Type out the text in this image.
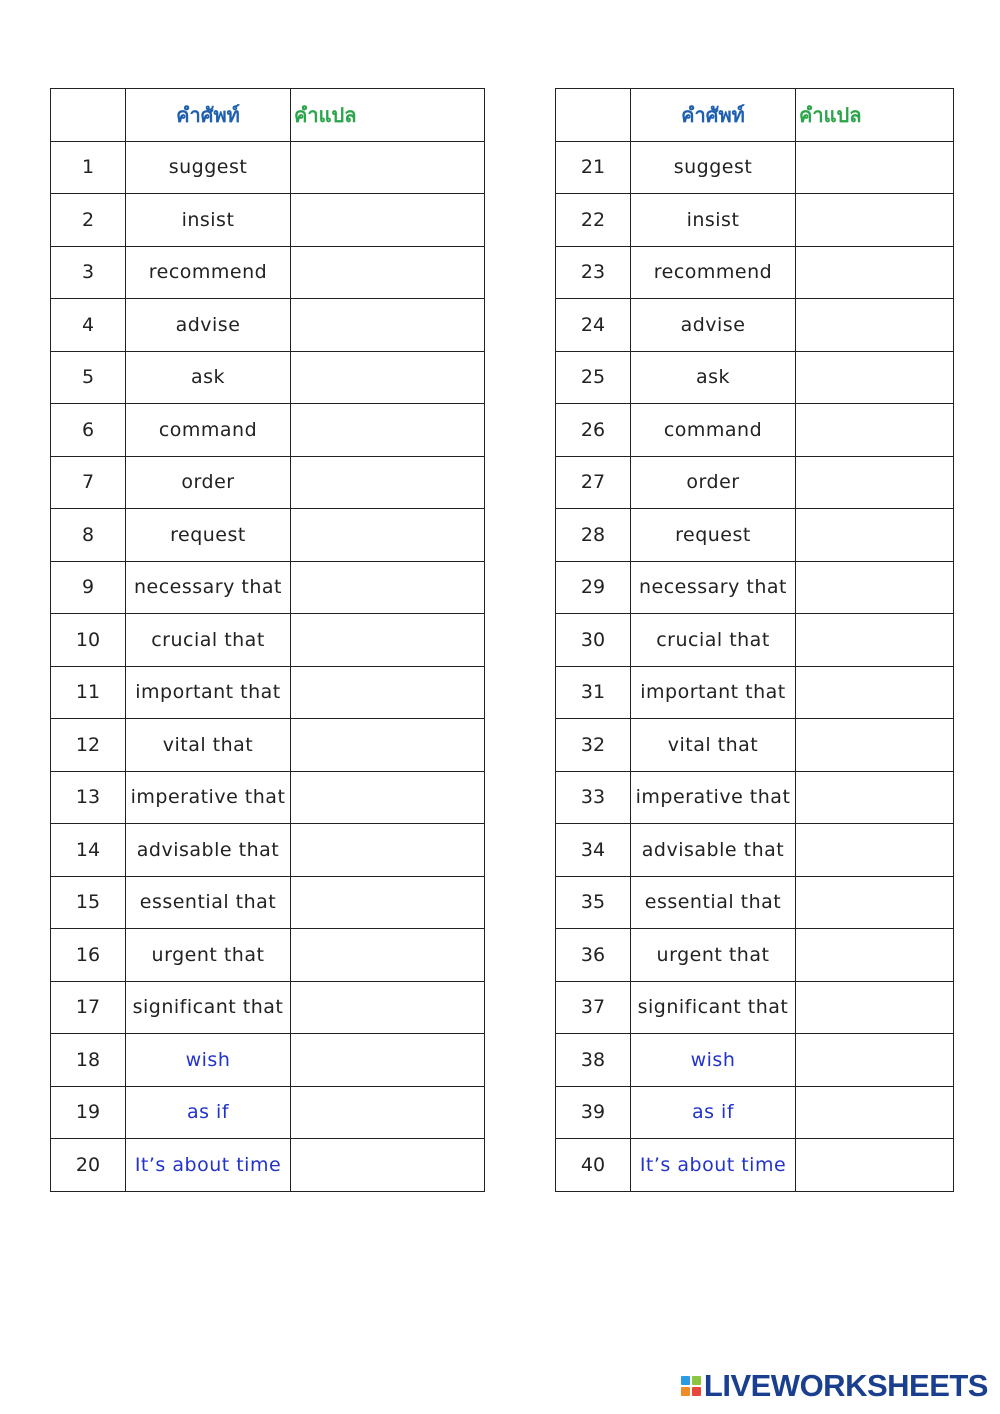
	คำศัพท์	คำแปล
1	suggest	
2	insist	
3	recommend	
4	advise	
5	ask	
6	command	
7	order	
8	request	
9	necessary that	
10	crucial that	
11	important that	
12	vital that	
13	imperative that	
14	advisable that	
15	essential that	
16	urgent that	
17	significant that	
18	wish	
19	as if	
20	It’s about time	
	คำศัพท์	คำแปล
21	suggest	
22	insist	
23	recommend	
24	advise	
25	ask	
26	command	
27	order	
28	request	
29	necessary that	
30	crucial that	
31	important that	
32	vital that	
33	imperative that	
34	advisable that	
35	essential that	
36	urgent that	
37	significant that	
38	wish	
39	as if	
40	It’s about time	
LIVEWORKSHEETS
